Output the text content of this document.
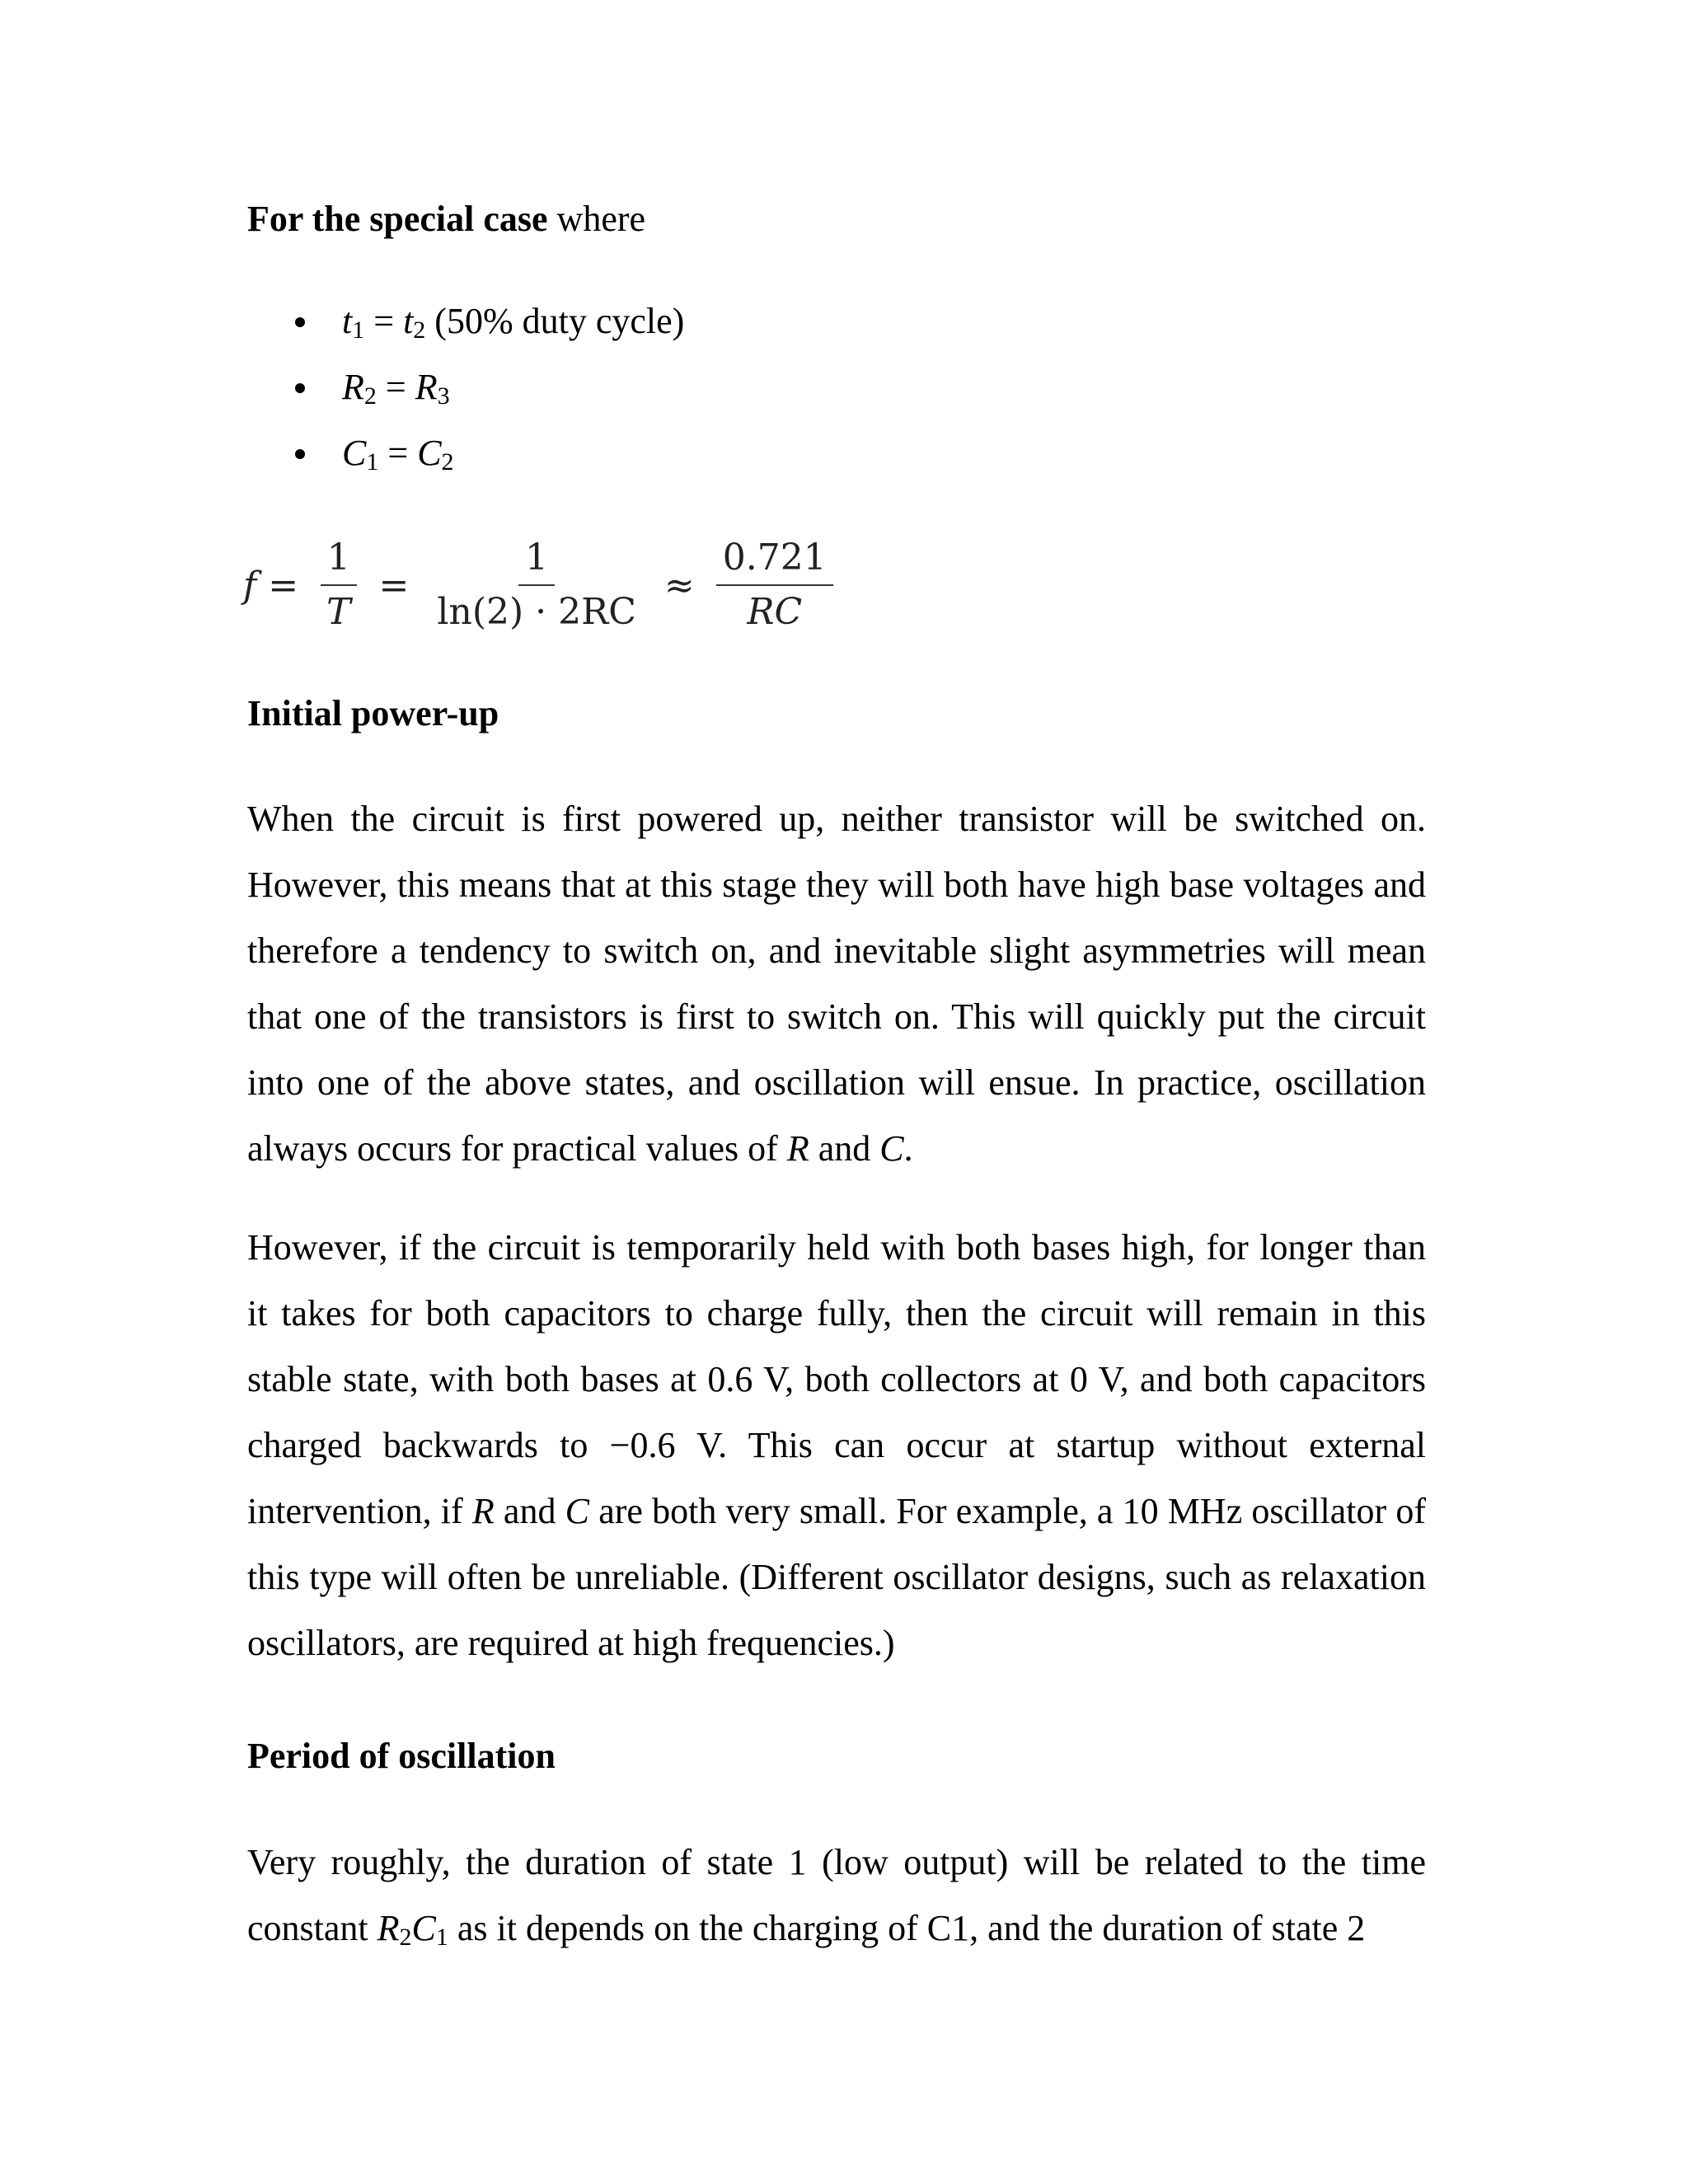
For the special case where
$t_1 = t_2$ (50% duty cycle)
$R_2 = R_3$
$C_1 = C_2$
$f = \frac{1}{T} = \frac{1}{\ln(2) \cdot 2RC} \approx \frac{0.721}{RC}$
Initial power-up

When the circuit is first powered up, neither transistor will be switched on. However, this means that at this stage they will both have high base voltages and therefore a tendency to switch on, and inevitable slight asymmetries will mean that one of the transistors is first to switch on. This will quickly put the circuit into one of the above states, and oscillation will ensue. In practice, oscillation always occurs for practical values of R and C.

However, if the circuit is temporarily held with both bases high, for longer than it takes for both capacitors to charge fully, then the circuit will remain in this stable state, with both bases at 0.6 V, both collectors at 0 V, and both capacitors charged backwards to −0.6 V. This can occur at startup without external intervention, if R and C are both very small. For example, a 10 MHz oscillator of this type will often be unreliable. (Different oscillator designs, such as relaxation oscillators, are required at high frequencies.)

Period of oscillation

Very roughly, the duration of state 1 (low output) will be related to the time constant $R_2C_1$ as it depends on the charging of C1, and the duration of state 2
